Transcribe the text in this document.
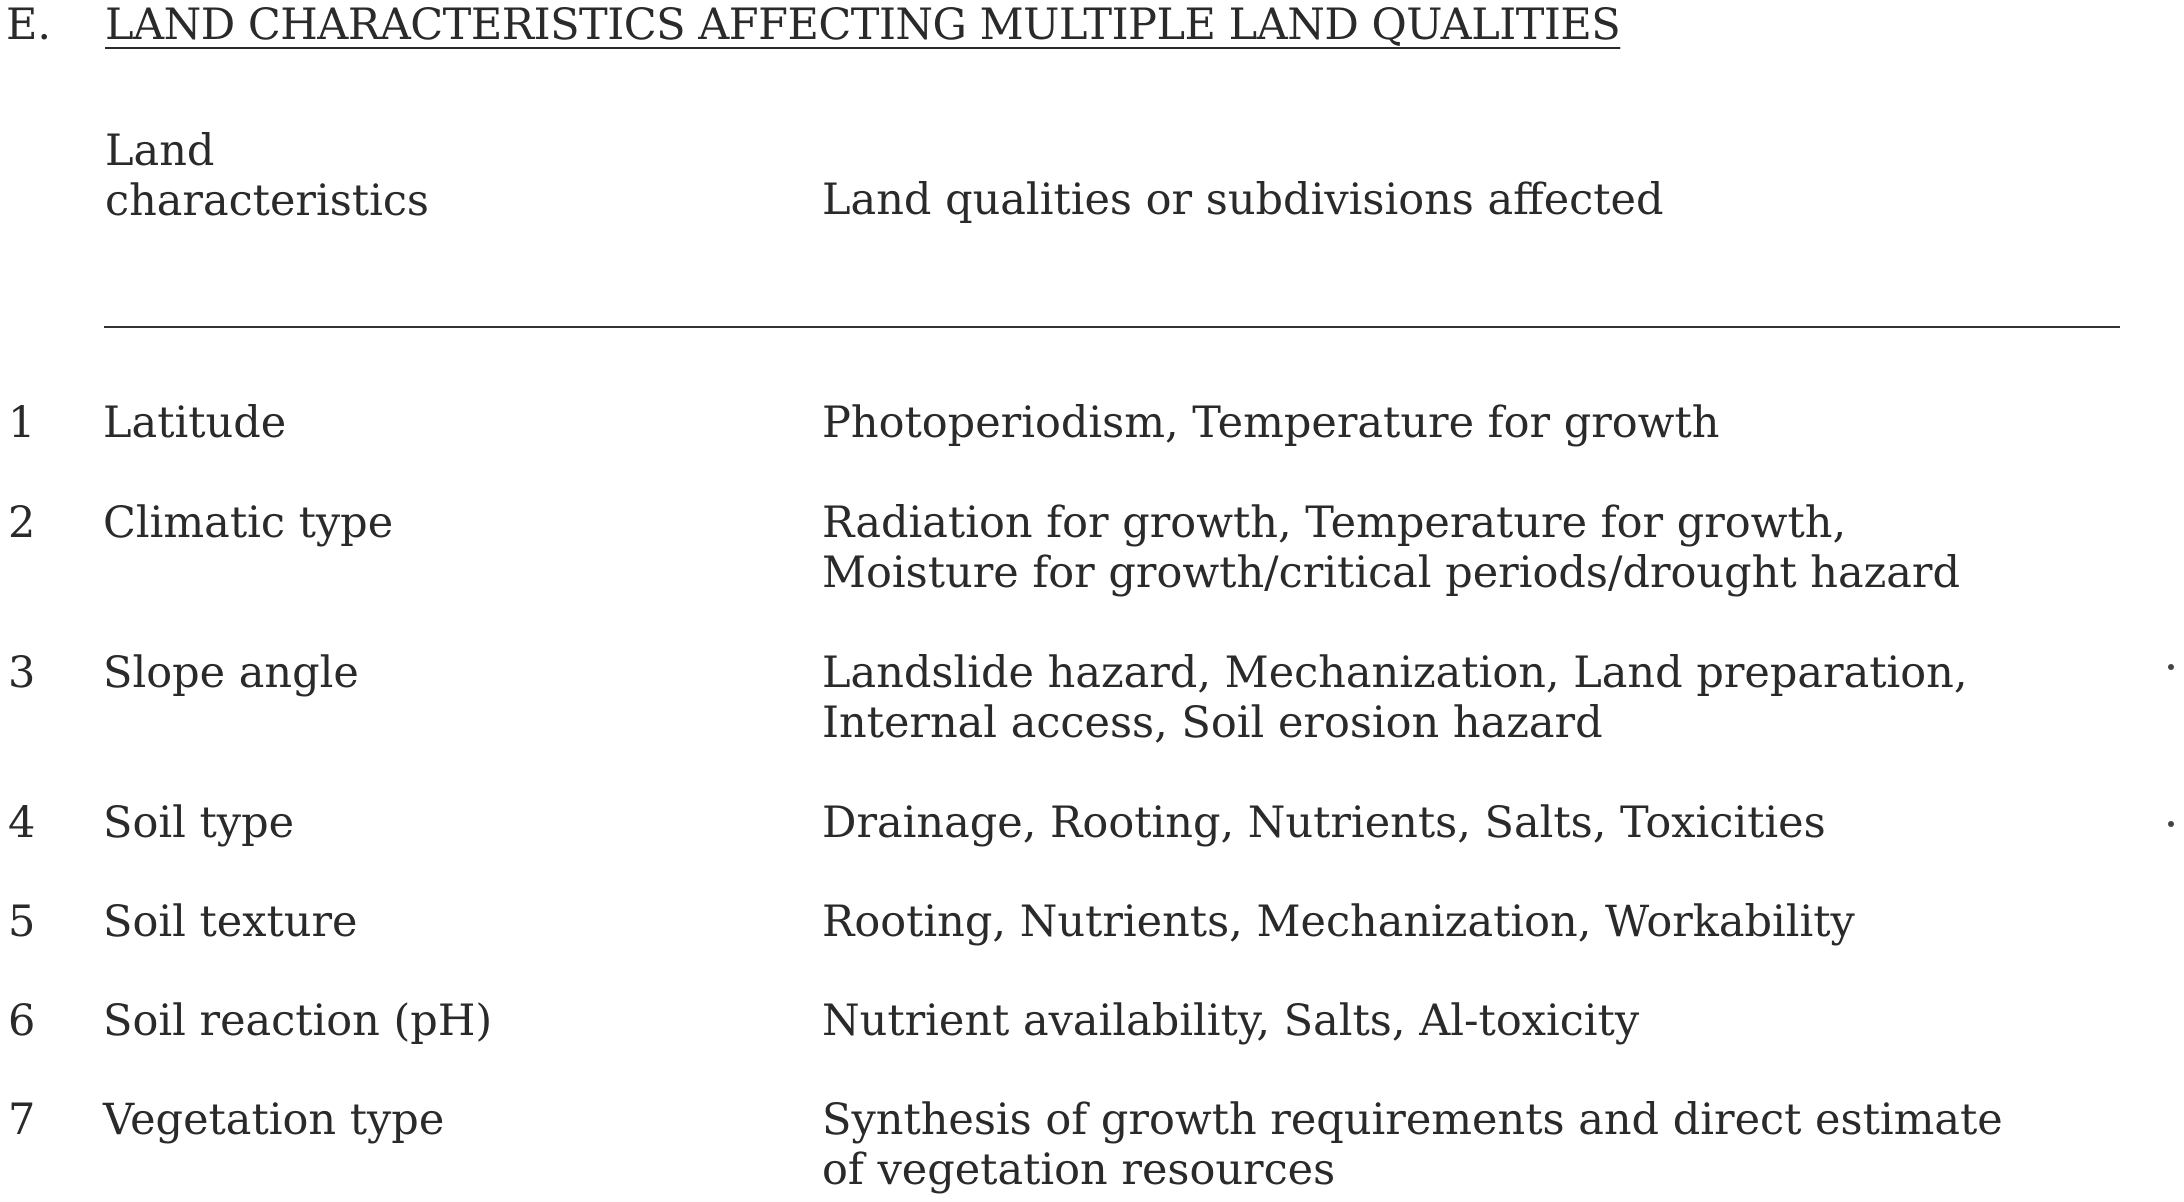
E. LAND CHARACTERISTICS AFFECTING MULTIPLE LAND QUALITIES
Land
characteristics	Land qualities or subdivisions affected
1 Latitude	Photoperiodism, Temperature for growth
2 Climatic type	Radiation for growth, Temperature for growth,
Moisture for growth/critical periods/drought hazard
3 Slope angle	Landslide hazard, Mechanization, Land preparation,
Internal access, Soil erosion hazard
4 Soil type	Drainage, Rooting, Nutrients, Salts, Toxicities
5 Soil texture	Rooting, Nutrients, Mechanization, Workability
6 Soil reaction (pH)	Nutrient availability, Salts, Al-toxicity
7 Vegetation type	Synthesis of growth requirements and direct estimate
of vegetation resources
